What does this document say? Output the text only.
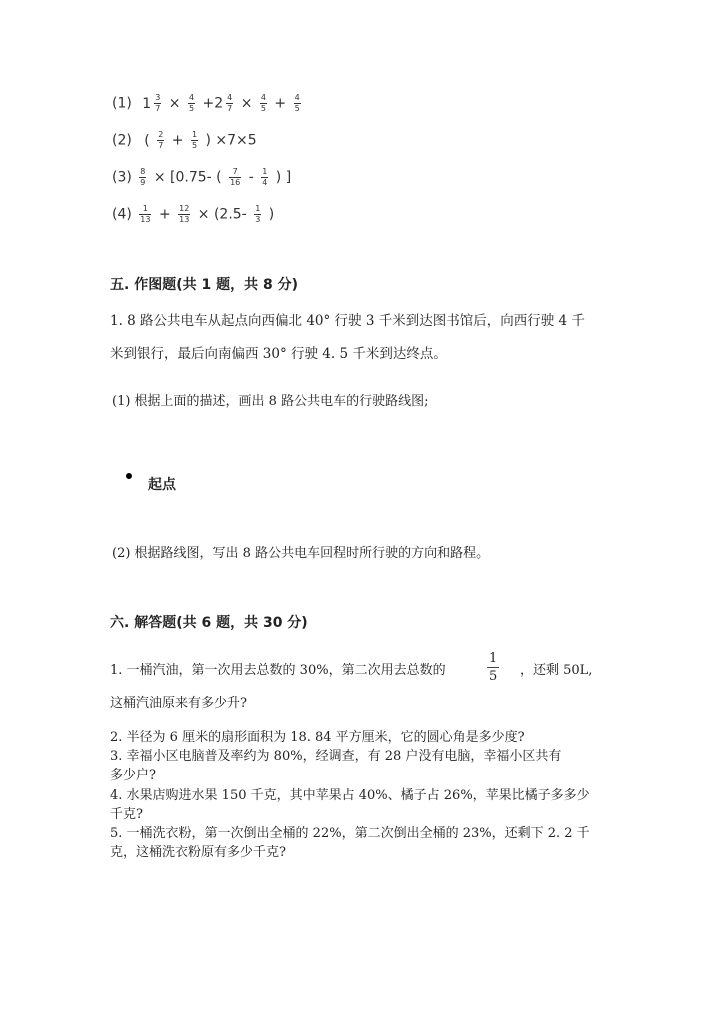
(1) $1 \frac{3}{7} \times \frac{4}{5} +2 \frac{4}{7} \times \frac{4}{5} + \frac{4}{5}$
(2) ( $\frac{2}{7} + \frac{1}{5}$ ) ×7×5
$(3) \frac{8}{9} \times [0.75-$ ( $\frac{7}{16} - \frac{1}{4}$ ) ]
$(4) \frac{1}{13} + \frac{12}{13} \times (2.5- \frac{1}{3}$ )
五. 作图题(共 1 题，共 8 分)
1. 8 路公共电车从起点向西偏北 40° 行驶 3 千米到达图书馆后，向西行驶 4 千
米到银行，最后向南偏西 30° 行驶 4. 5 千米到达终点。
(1) 根据上面的描述，画出 8 路公共电车的行驶路线图;
起点
(2) 根据路线图，写出 8 路公共电车回程时所行驶的方向和路程。
六. 解答题(共 6 题，共 30 分)
1. 一桶汽油，第一次用去总数的 30%，第二次用去总数的	$\frac{1}{5}$ ，还剩 50L,
这桶汽油原来有多少升?
2. 半径为 6 厘米的扇形面积为 18. 84 平方厘米，它的圆心角是多少度?
3. 幸福小区电脑普及率约为 80%，经调查，有 28 户没有电脑，幸福小区共有
多少户?
4. 水果店购进水果 150 千克，其中苹果占 40%、橘子占 26%，苹果比橘子多多少
千克?
5. 一桶洗衣粉，第一次倒出全桶的 22%，第二次倒出全桶的 23%，还剩下 2. 2 千
克，这桶洗衣粉原有多少千克?
